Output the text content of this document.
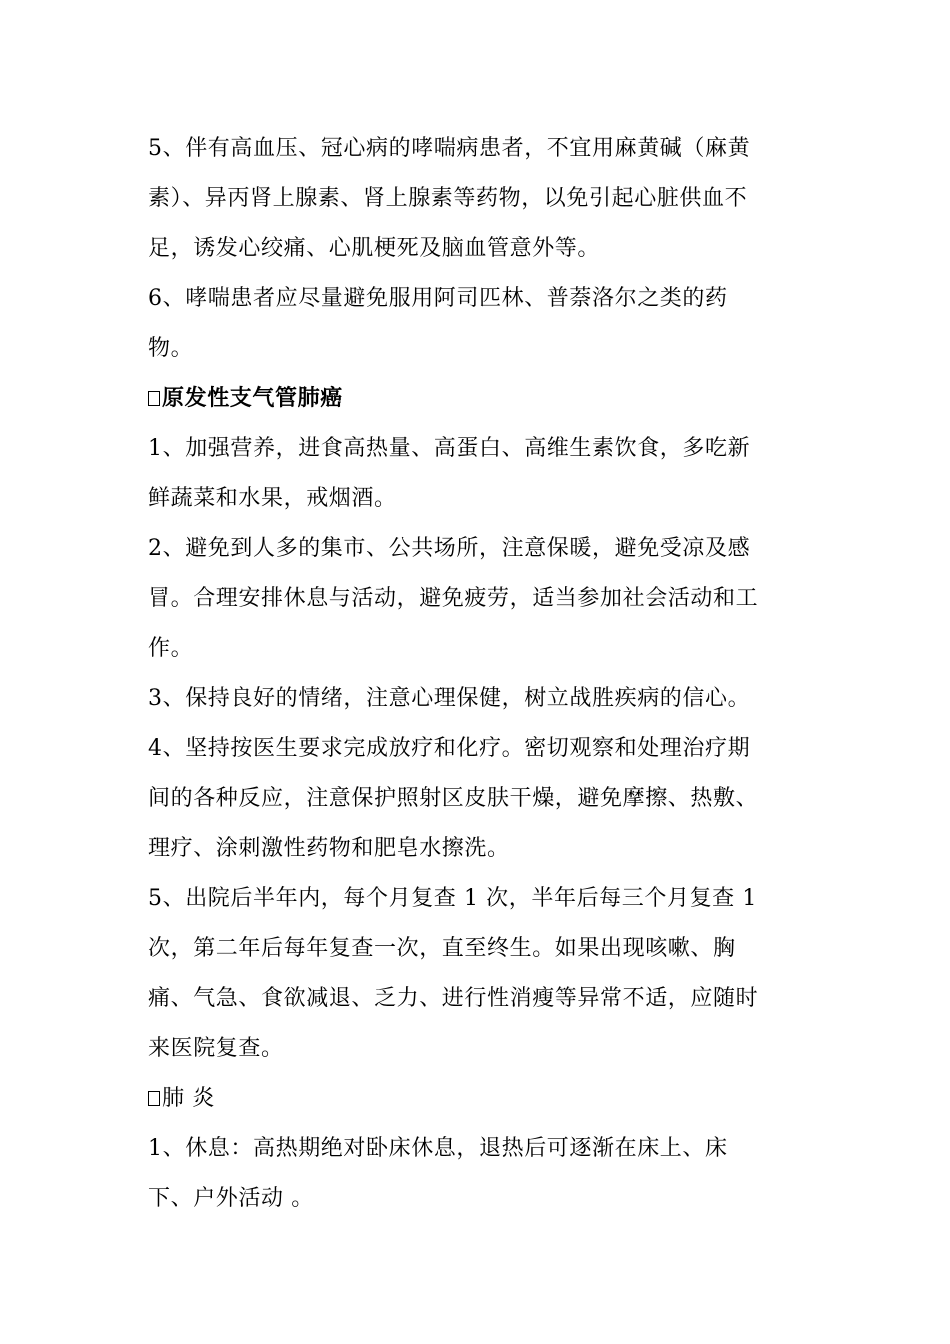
5、伴有高血压、冠心病的哮喘病患者，不宜用麻黄碱（麻黄
素）、异丙肾上腺素、肾上腺素等药物，以免引起心脏供血不
足，诱发心绞痛、心肌梗死及脑血管意外等。
6、哮喘患者应尽量避免服用阿司匹林、普萘洛尔之类的药
物。
原发性支气管肺癌
1、加强营养，进食高热量、高蛋白、高维生素饮食，多吃新
鲜蔬菜和水果，戒烟酒。
2、避免到人多的集市、公共场所，注意保暖，避免受凉及感
冒。合理安排休息与活动，避免疲劳，适当参加社会活动和工
作。
3、保持良好的情绪，注意心理保健，树立战胜疾病的信心。
4、坚持按医生要求完成放疗和化疗。密切观察和处理治疗期
间的各种反应，注意保护照射区皮肤干燥，避免摩擦、热敷、
理疗、涂刺激性药物和肥皂水擦洗。
5、出院后半年内，每个月复查 1 次，半年后每三个月复查 1
次，第二年后每年复查一次，直至终生。如果出现咳嗽、胸
痛、气急、食欲减退、乏力、进行性消瘦等异常不适，应随时
来医院复查。
肺 炎
1、休息：高热期绝对卧床休息，退热后可逐渐在床上、床
下、户外活动 。
